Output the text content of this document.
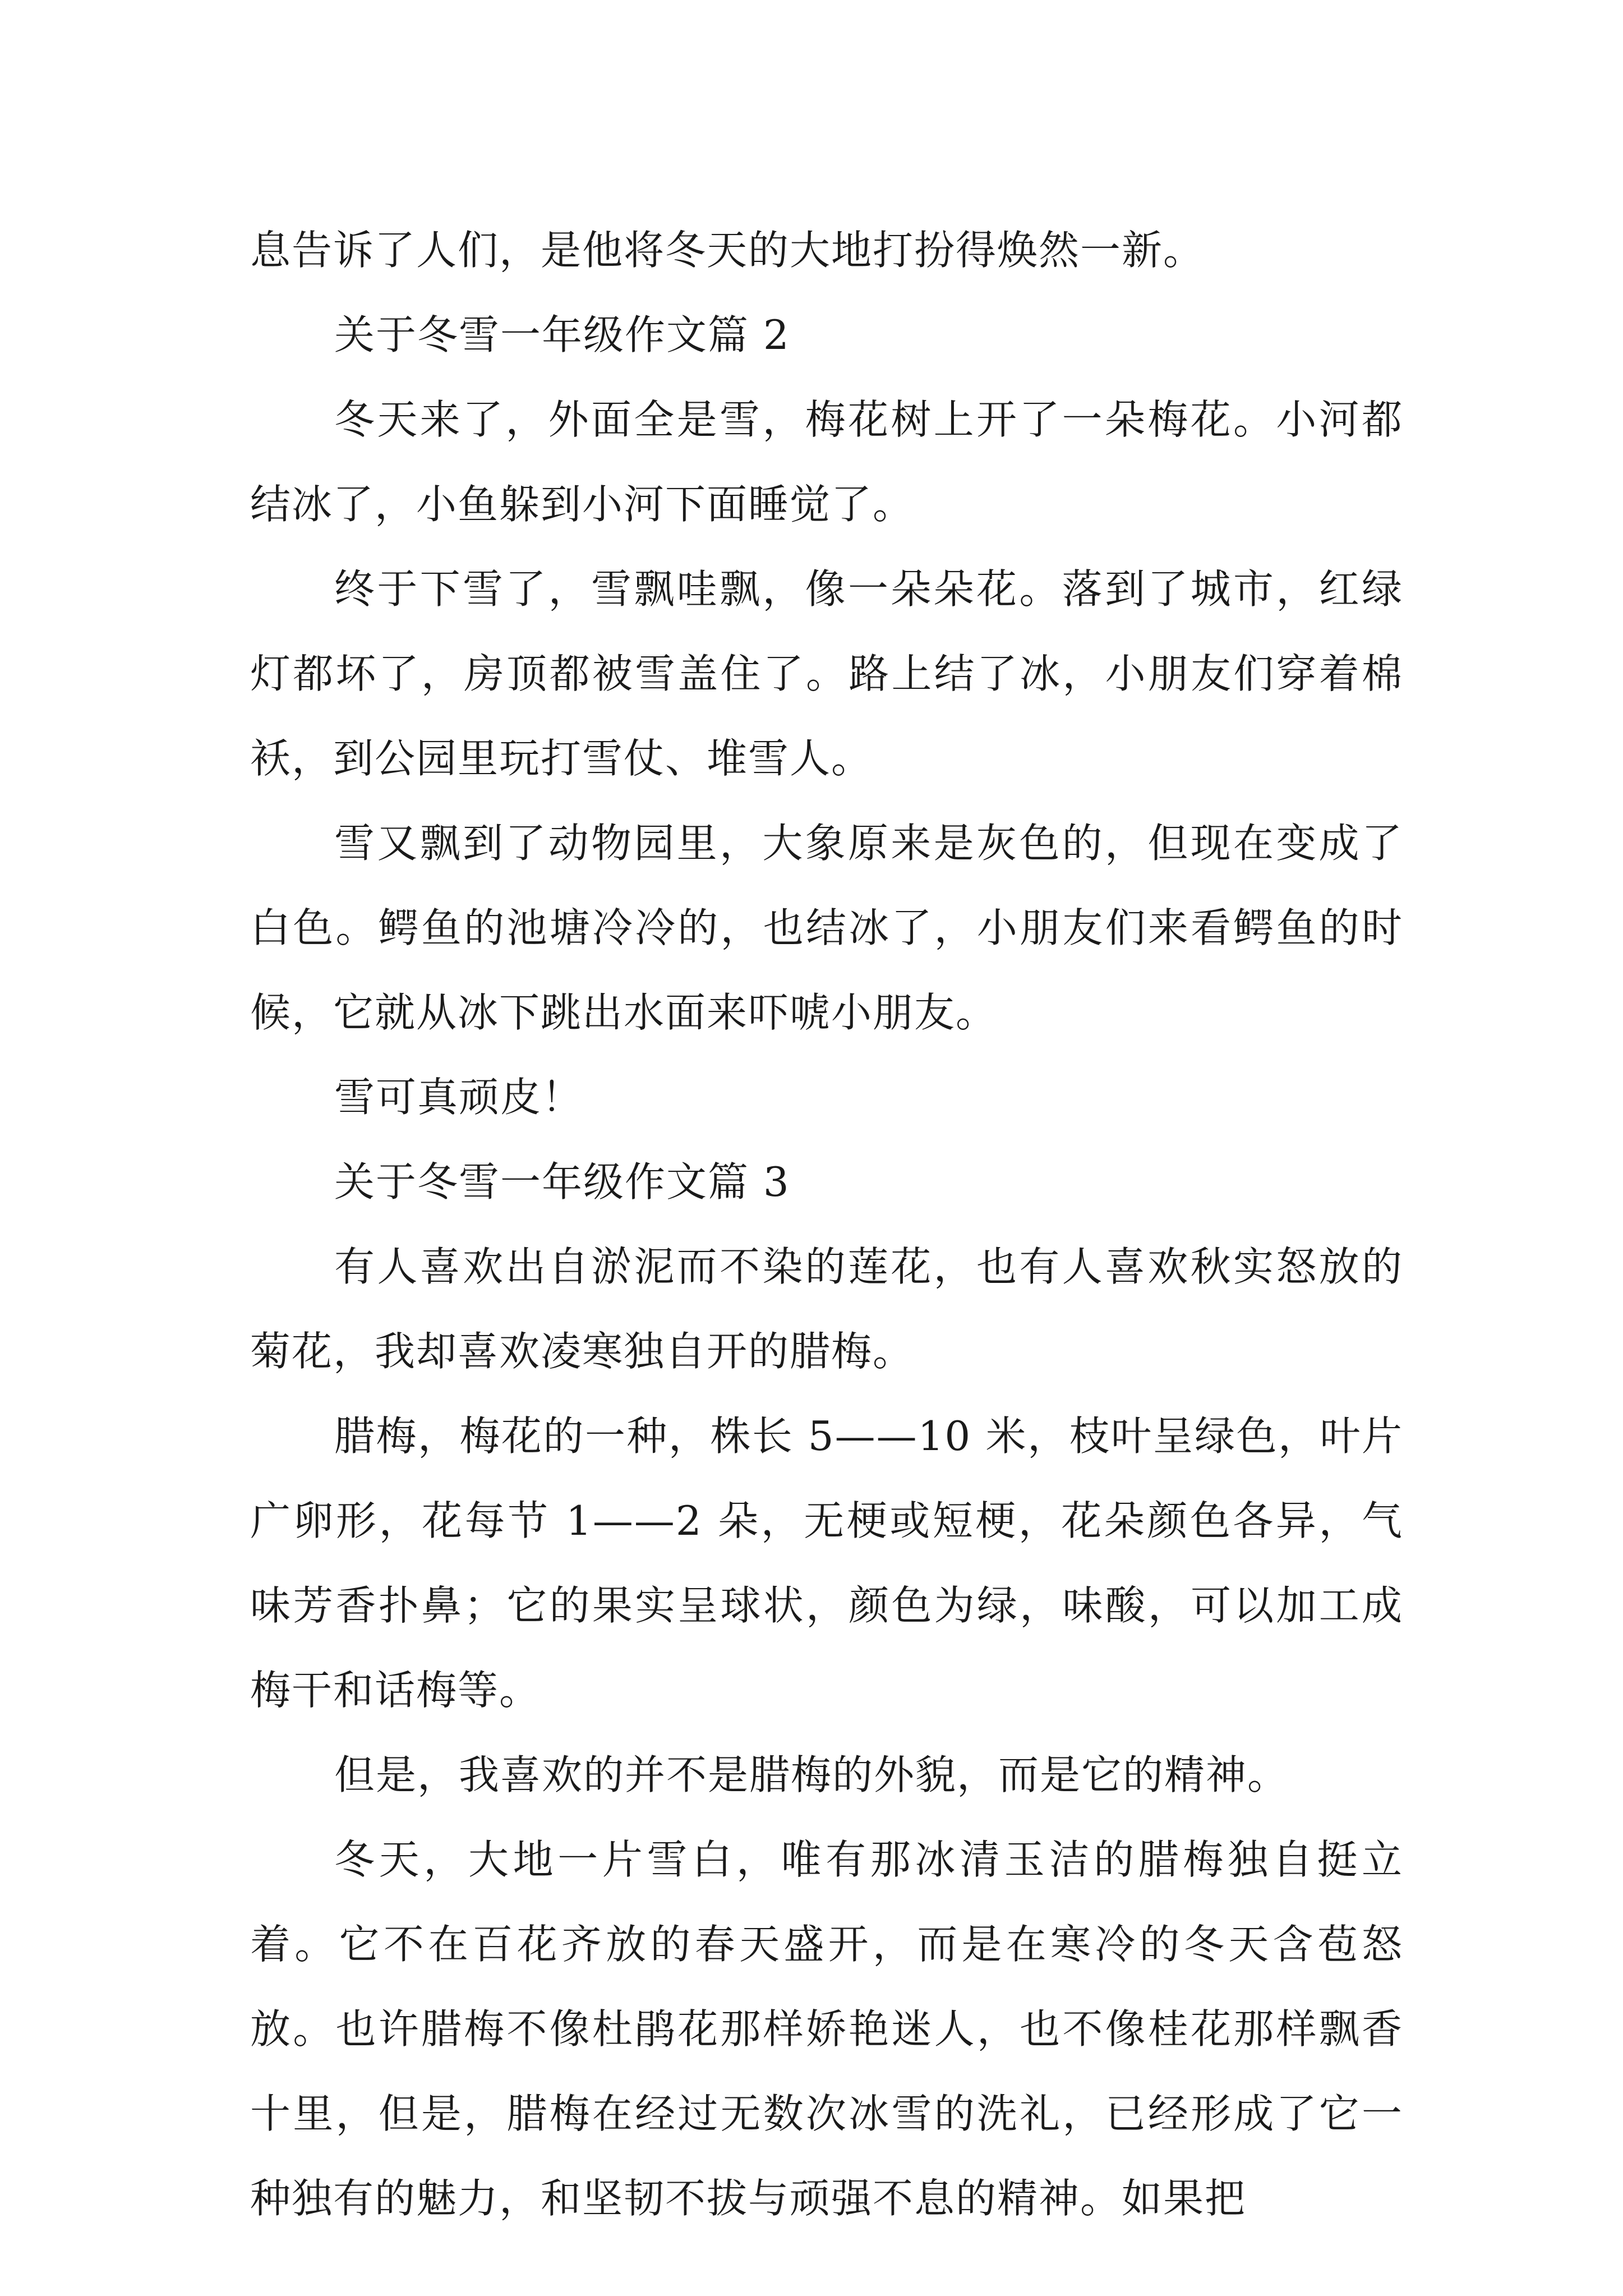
息告诉了人们，是他将冬天的大地打扮得焕然一新。

关于冬雪一年级作文篇 2

冬天来了，外面全是雪，梅花树上开了一朵梅花。小河都结冰了，小鱼躲到小河下面睡觉了。

终于下雪了，雪飘哇飘，像一朵朵花。落到了城市，红绿灯都坏了，房顶都被雪盖住了。路上结了冰，小朋友们穿着棉袄，到公园里玩打雪仗、堆雪人。

雪又飘到了动物园里，大象原来是灰色的，但现在变成了白色。鳄鱼的池塘冷冷的，也结冰了，小朋友们来看鳄鱼的时候，它就从冰下跳出水面来吓唬小朋友。

雪可真顽皮！

关于冬雪一年级作文篇 3

有人喜欢出自淤泥而不染的莲花，也有人喜欢秋实怒放的菊花，我却喜欢凌寒独自开的腊梅。

腊梅，梅花的一种，株长 5——10 米，枝叶呈绿色，叶片广卵形，花每节 1——2 朵，无梗或短梗，花朵颜色各异，气味芳香扑鼻；它的果实呈球状，颜色为绿，味酸，可以加工成梅干和话梅等。

但是，我喜欢的并不是腊梅的外貌，而是它的精神。

冬天，大地一片雪白，唯有那冰清玉洁的腊梅独自挺立着。它不在百花齐放的春天盛开，而是在寒冷的冬天含苞怒放。也许腊梅不像杜鹃花那样娇艳迷人，也不像桂花那样飘香十里，但是，腊梅在经过无数次冰雪的洗礼，已经形成了它一种独有的魅力，和坚韧不拔与顽强不息的精神。如果把
